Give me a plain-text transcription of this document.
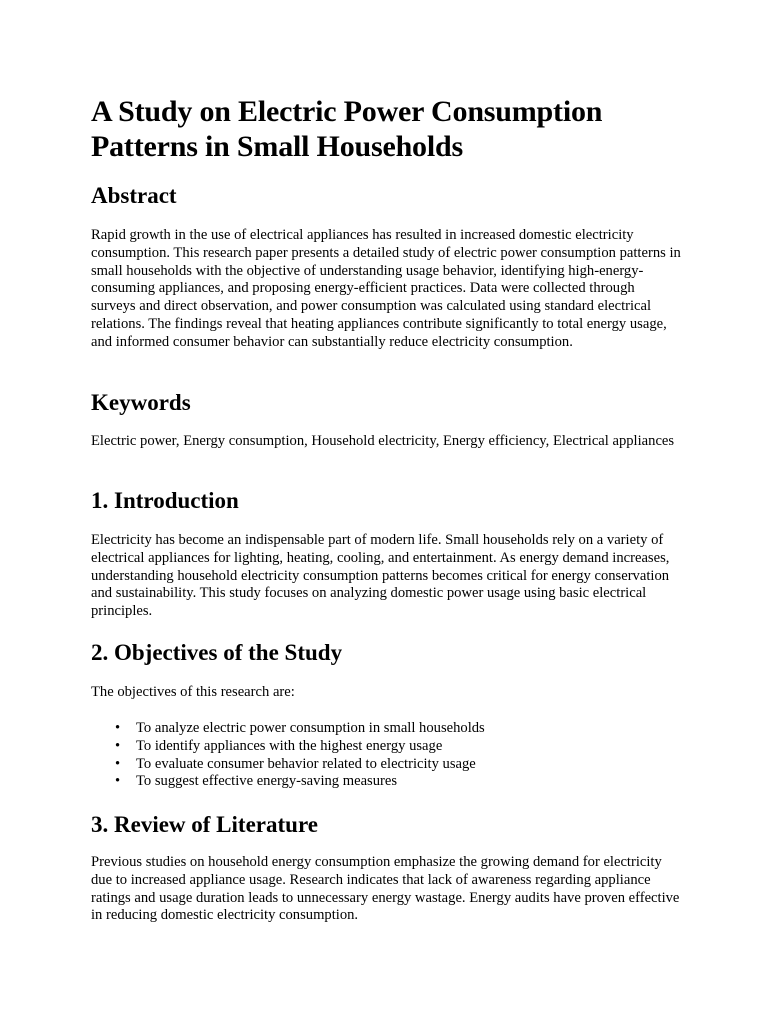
A Study on Electric Power Consumption Patterns in Small Households
Abstract

Rapid growth in the use of electrical appliances has resulted in increased domestic electricity consumption. This research paper presents a detailed study of electric power consumption patterns in small households with the objective of understanding usage behavior, identifying high-energy-consuming appliances, and proposing energy-efficient practices. Data were collected through surveys and direct observation, and power consumption was calculated using standard electrical relations. The findings reveal that heating appliances contribute significantly to total energy usage, and informed consumer behavior can substantially reduce electricity consumption.

Keywords

Electric power, Energy consumption, Household electricity, Energy efficiency, Electrical appliances

1. Introduction

Electricity has become an indispensable part of modern life. Small households rely on a variety of electrical appliances for lighting, heating, cooling, and entertainment. As energy demand increases, understanding household electricity consumption patterns becomes critical for energy conservation and sustainability. This study focuses on analyzing domestic power usage using basic electrical principles.

2. Objectives of the Study

The objectives of this research are:

• To analyze electric power consumption in small households
• To identify appliances with the highest energy usage
• To evaluate consumer behavior related to electricity usage
• To suggest effective energy-saving measures
3. Review of Literature

Previous studies on household energy consumption emphasize the growing demand for electricity due to increased appliance usage. Research indicates that lack of awareness regarding appliance ratings and usage duration leads to unnecessary energy wastage. Energy audits have proven effective in reducing domestic electricity consumption.
